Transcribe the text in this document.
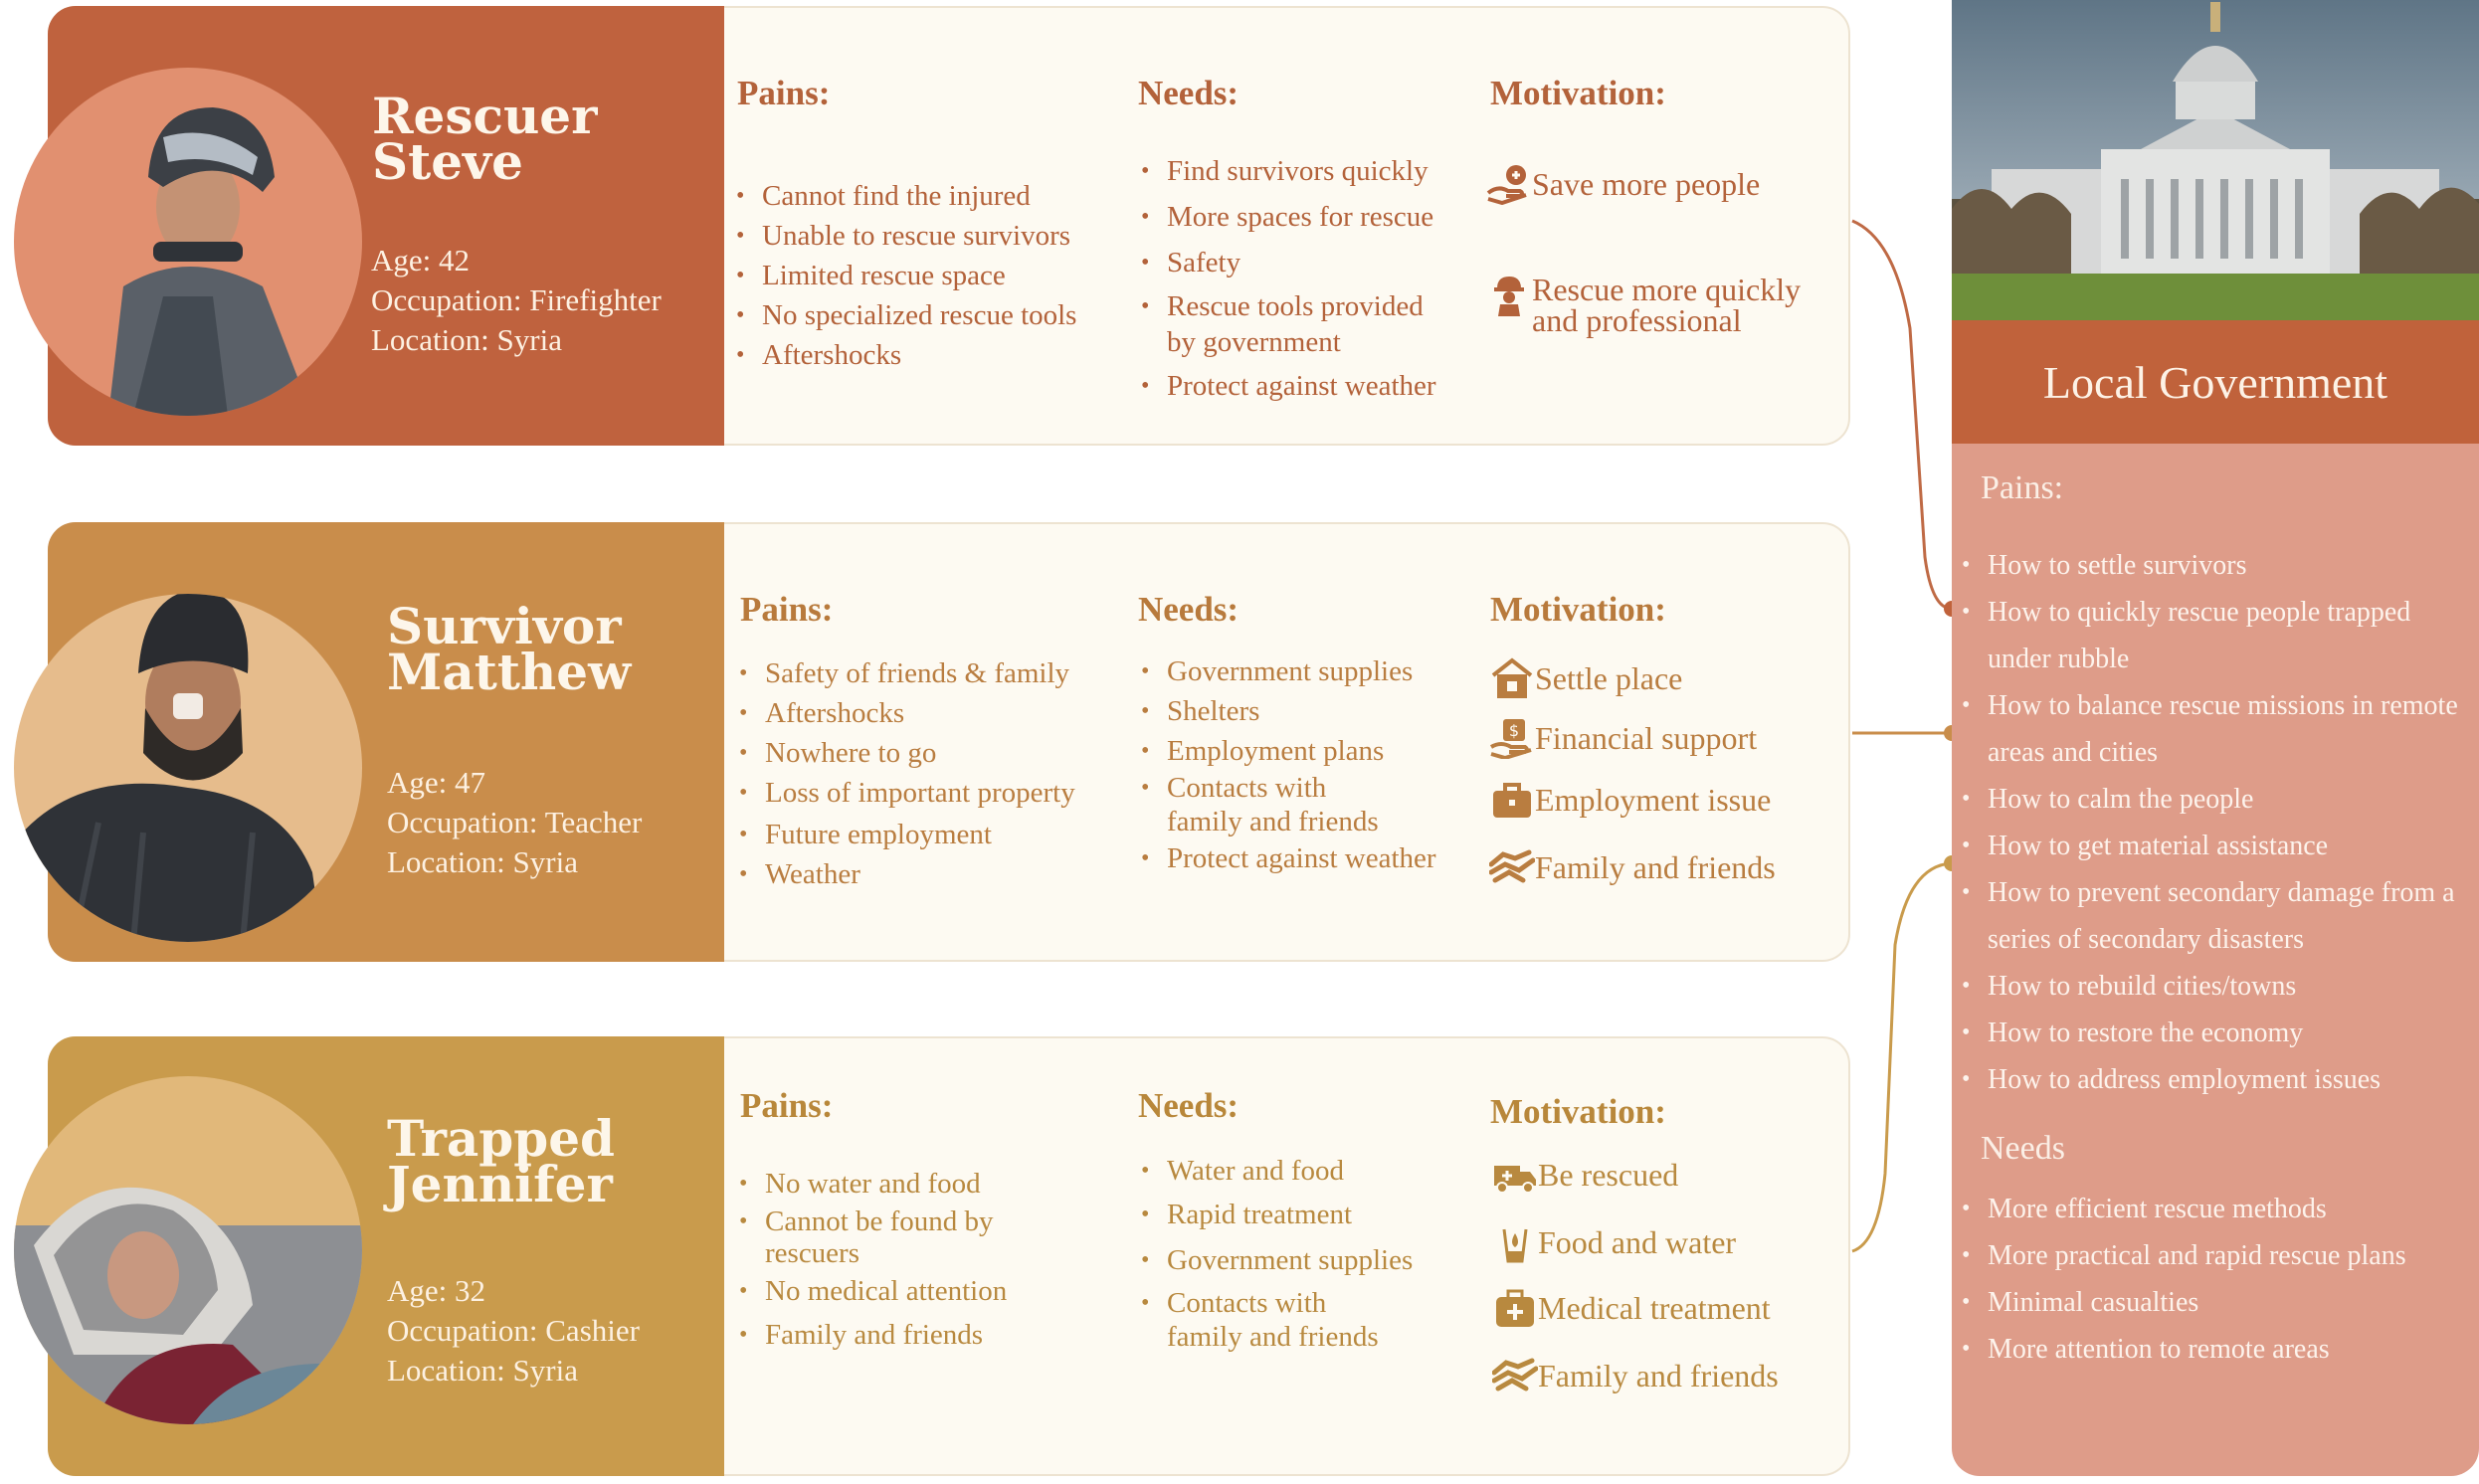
Rescuer
Steve
Age: 42
Occupation: Firefighter
Location: Syria
Pains:
• Cannot find the injured
• Unable to rescue survivors
• Limited rescue space
• No specialized rescue tools
• Aftershocks
Needs:
• Find survivors quickly
• More spaces for rescue
• Safety
• Rescue tools provided
by government
• Protect against weather
Motivation:
Save more people
Rescue more quickly
and professional
Survivor
Matthew
Age: 47
Occupation: Teacher
Location: Syria
Pains:
• Safety of friends & family
• Aftershocks
• Nowhere to go
• Loss of important property
• Future employment
• Weather
Needs:
• Government supplies
• Shelters
• Employment plans
• Contacts with
family and friends
• Protect against weather
Motivation:
Settle place
$ Financial support
Employment issue
Family and friends
Trapped
Jennifer
Age: 32
Occupation: Cashier
Location: Syria
Pains:
• No water and food
• Cannot be found by
rescuers
• No medical attention
• Family and friends
Needs:
• Water and food
• Rapid treatment
• Government supplies
• Contacts with
family and friends
Motivation:
Be rescued
Food and water
Medical treatment
Family and friends
Local Government
Pains:
• How to settle survivors
• How to quickly rescue people trapped under rubble
• How to balance rescue missions in remote areas and cities
• How to calm the people
• How to get material assistance
• How to prevent secondary damage from a series of secondary disasters
• How to rebuild cities/towns
• How to restore the economy
• How to address employment issues
Needs
• More efficient rescue methods
• More practical and rapid rescue plans
• Minimal casualties
• More attention to remote areas
